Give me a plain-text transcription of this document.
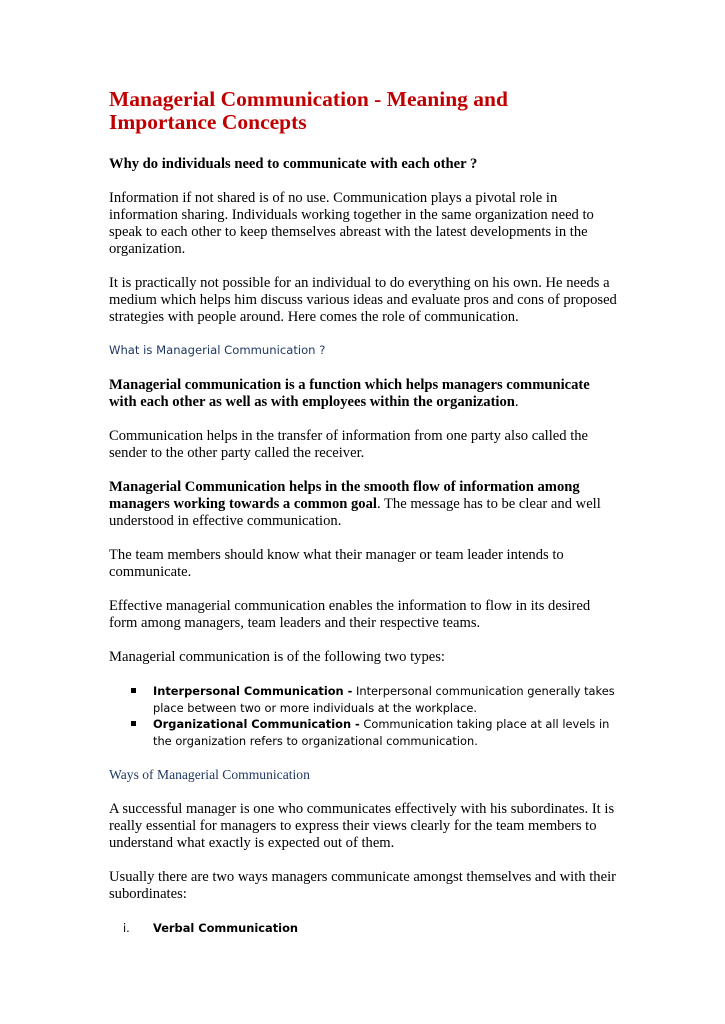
Managerial Communication - Meaning and Importance Concepts
Why do individuals need to communicate with each other ?

Information if not shared is of no use. Communication plays a pivotal role in information sharing. Individuals working together in the same organization need to speak to each other to keep themselves abreast with the latest developments in the organization.

It is practically not possible for an individual to do everything on his own. He needs a medium which helps him discuss various ideas and evaluate pros and cons of proposed strategies with people around. Here comes the role of communication.

What is Managerial Communication ?

Managerial communication is a function which helps managers communicate with each other as well as with employees within the organization.

Communication helps in the transfer of information from one party also called the sender to the other party called the receiver.

Managerial Communication helps in the smooth flow of information among managers working towards a common goal. The message has to be clear and well understood in effective communication.

The team members should know what their manager or team leader intends to communicate.

Effective managerial communication enables the information to flow in its desired form among managers, team leaders and their respective teams.

Managerial communication is of the following two types:

Interpersonal Communication - Interpersonal communication generally takes place between two or more individuals at the workplace.
Organizational Communication - Communication taking place at all levels in the organization refers to organizational communication.
Ways of Managerial Communication

A successful manager is one who communicates effectively with his subordinates. It is really essential for managers to express their views clearly for the team members to understand what exactly is expected out of them.

Usually there are two ways managers communicate amongst themselves and with their subordinates:

i. Verbal Communication
